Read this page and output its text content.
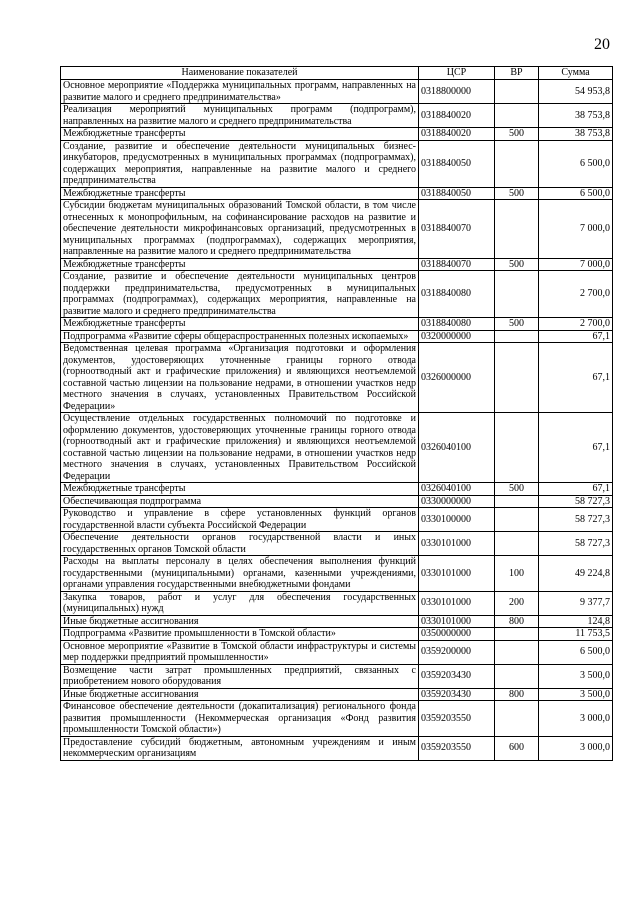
20
Наименование показателей	ЦСР	ВР	Сумма
Основное мероприятие «Поддержка муниципальных программ, направленных на развитие малого и среднего предпринимательства»	0318800000		54 953,8
Реализация мероприятий муниципальных программ (подпрограмм), направленных на развитие малого и среднего предпринимательства	0318840020		38 753,8
Межбюджетные трансферты	0318840020	500	38 753,8
Создание, развитие и обеспечение деятельности муниципальных бизнес-инкубаторов, предусмотренных в муниципальных программах (подпрограммах), содержащих мероприятия, направленные на развитие малого и среднего предпринимательства	0318840050		6 500,0
Межбюджетные трансферты	0318840050	500	6 500,0
Субсидии бюджетам муниципальных образований Томской области, в том числе отнесенных к монопрофильным, на софинансирование расходов на развитие и обеспечение деятельности микрофинансовых организаций, предусмотренных в муниципальных программах (подпрограммах), содержащих мероприятия, направленные на развитие малого и среднего предпринимательства	0318840070		7 000,0
Межбюджетные трансферты	0318840070	500	7 000,0
Создание, развитие и обеспечение деятельности муниципальных центров поддержки предпринимательства, предусмотренных в муниципальных программах (подпрограммах), содержащих мероприятия, направленные на развитие малого и среднего предпринимательства	0318840080		2 700,0
Межбюджетные трансферты	0318840080	500	2 700,0
Подпрограмма «Развитие сферы общераспространенных полезных ископаемых»	0320000000		67,1
Ведомственная целевая программа «Организация подготовки и оформления документов, удостоверяющих уточненные границы горного отвода (горноотводный акт и графические приложения) и являющихся неотъемлемой составной частью лицензии на пользование недрами, в отношении участков недр местного значения в случаях, установленных Правительством Российской Федерации»	0326000000		67,1
Осуществление отдельных государственных полномочий по подготовке и оформлению документов, удостоверяющих уточненные границы горного отвода (горноотводный акт и графические приложения) и являющихся неотъемлемой составной частью лицензии на пользование недрами, в отношении участков недр местного значения в случаях, установленных Правительством Российской Федерации	0326040100		67,1
Межбюджетные трансферты	0326040100	500	67,1
Обеспечивающая подпрограмма	0330000000		58 727,3
Руководство и управление в сфере установленных функций органов государственной власти субъекта Российской Федерации	0330100000		58 727,3
Обеспечение деятельности органов государственной власти и иных государственных органов Томской области	0330101000		58 727,3
Расходы на выплаты персоналу в целях обеспечения выполнения функций государственными (муниципальными) органами, казенными учреждениями, органами управления государственными внебюджетными фондами	0330101000	100	49 224,8
Закупка товаров, работ и услуг для обеспечения государственных (муниципальных) нужд	0330101000	200	9 377,7
Иные бюджетные ассигнования	0330101000	800	124,8
Подпрограмма «Развитие промышленности в Томской области»	0350000000		11 753,5
Основное мероприятие «Развитие в Томской области инфраструктуры и системы мер поддержки предприятий промышленности»	0359200000		6 500,0
Возмещение части затрат промышленных предприятий, связанных с приобретением нового оборудования	0359203430		3 500,0
Иные бюджетные ассигнования	0359203430	800	3 500,0
Финансовое обеспечение деятельности (докапитализация) регионального фонда развития промышленности (Некоммерческая организация «Фонд развития промышленности Томской области»)	0359203550		3 000,0
Предоставление субсидий бюджетным, автономным учреждениям и иным некоммерческим организациям	0359203550	600	3 000,0
